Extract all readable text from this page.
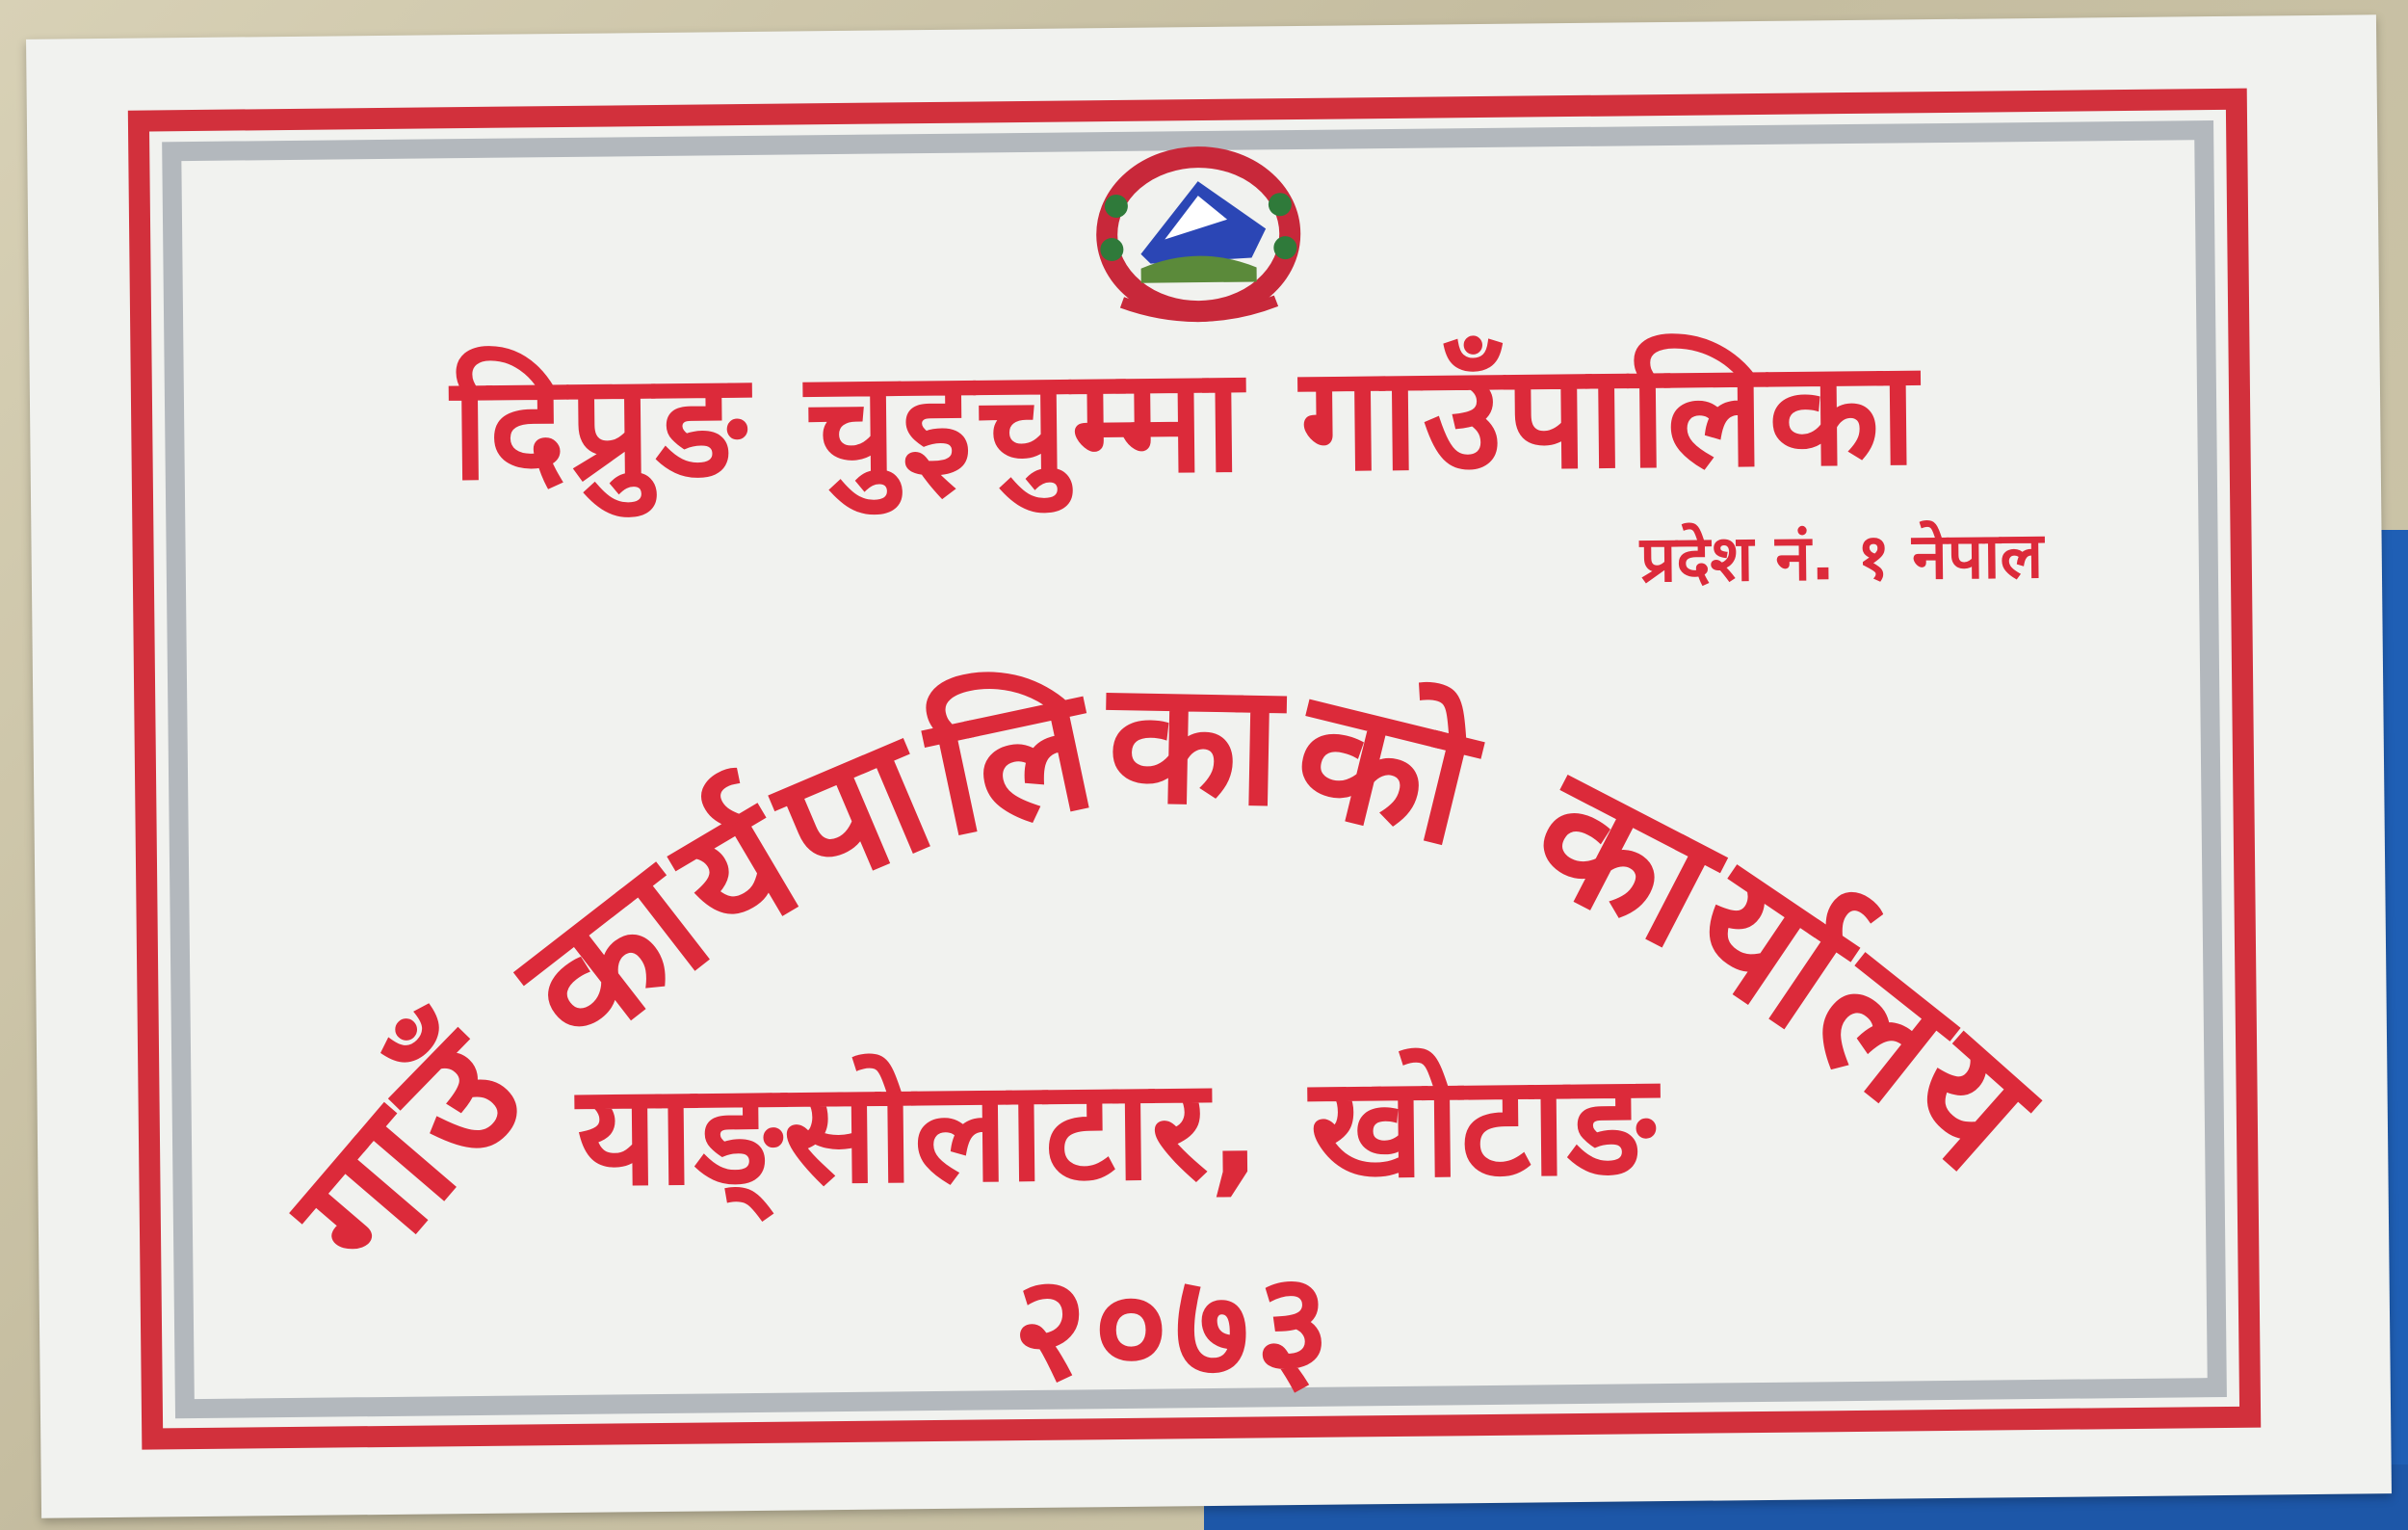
दिप्रुङ चुइचुम्मा गाउँपालिका

प्रदेश नं. १ नेपाल

गाउँ कार्यपालिकाको कार्यालय

याङ्सोलाटार, खोटाङ

२०७३
